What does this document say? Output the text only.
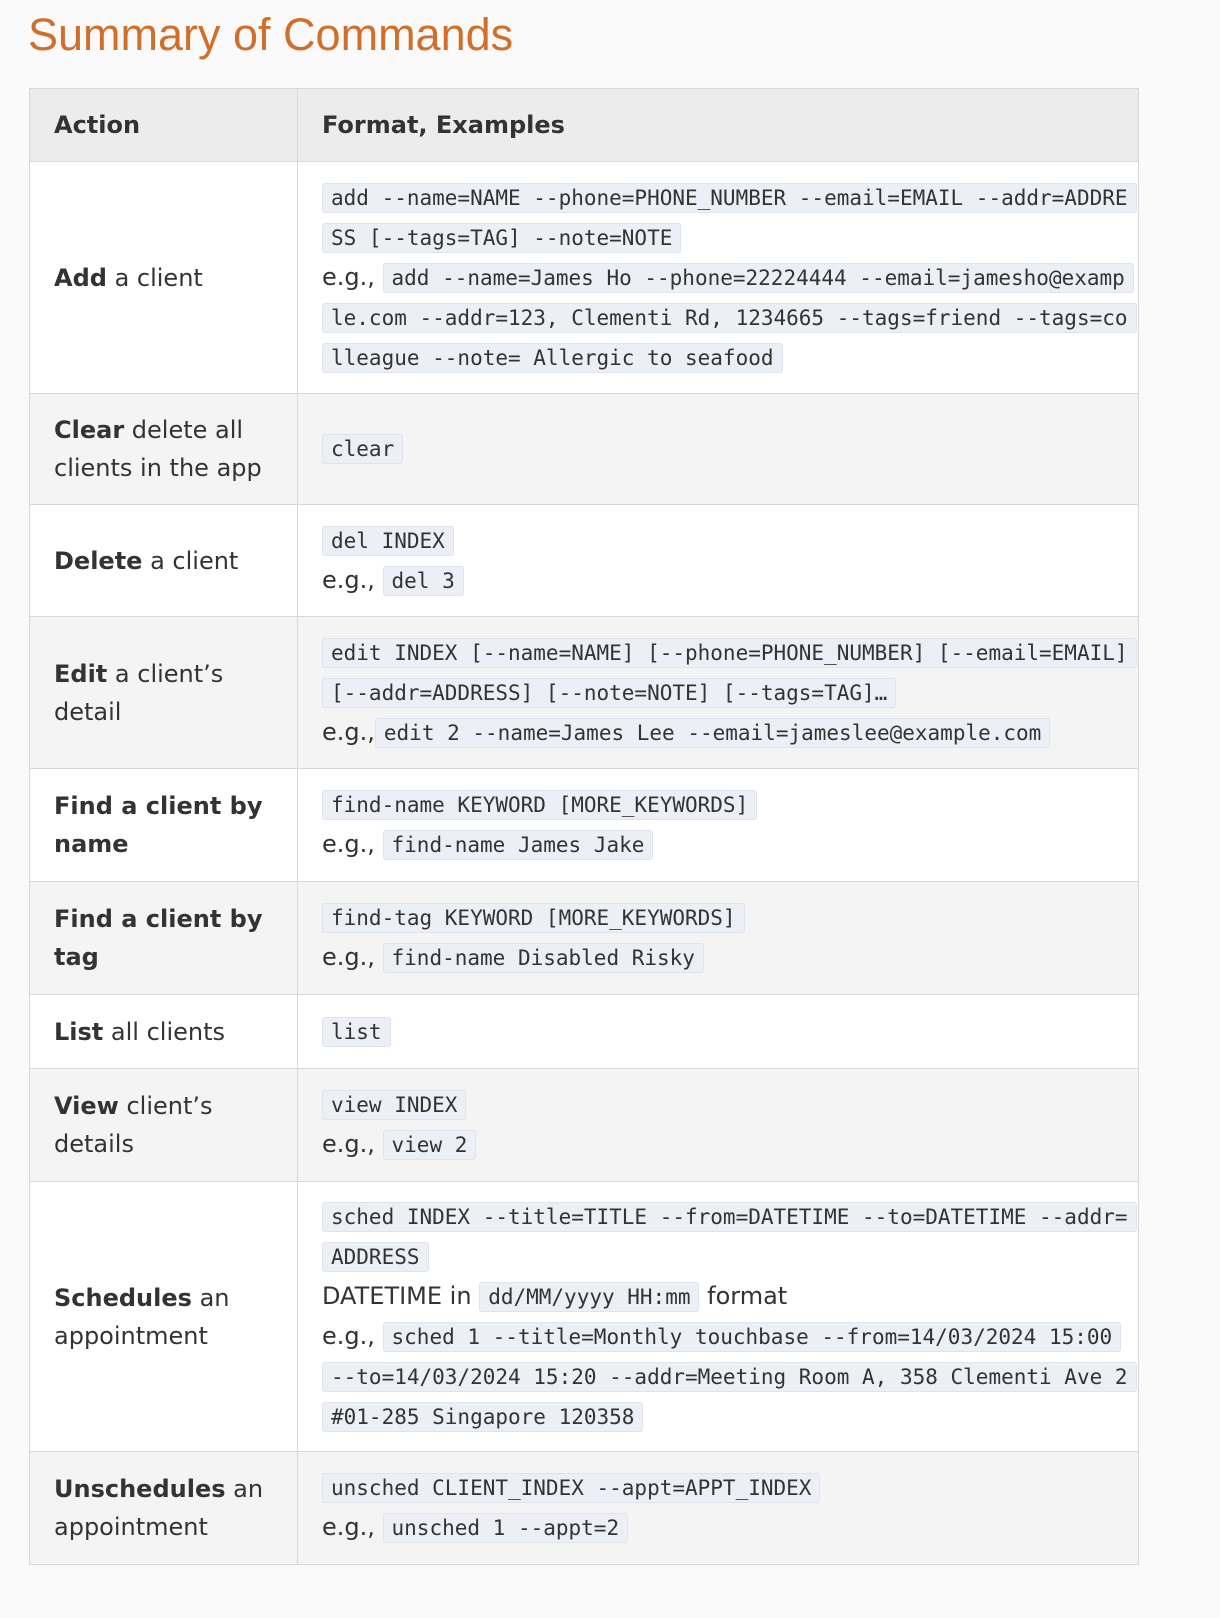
Summary of Commands
Action	Format, Examples
Add a client	add --name=NAME --phone=PHONE_NUMBER --email=EMAIL --addr=ADDRESS [--tags=TAG] --note=NOTE
e.g., add --name=James Ho --phone=22224444 --email=jamesho@example.com --addr=123, Clementi Rd, 1234665 --tags=friend --tags=colleague --note= Allergic to seafood

Clear delete all clients in the app	clear

Delete a client	del INDEX
e.g., del 3

Edit a client’s detail	edit INDEX [--name=NAME] [--phone=PHONE_NUMBER] [--email=EMAIL] [--addr=ADDRESS] [--note=NOTE] [--tags=TAG]…
e.g., edit 2 --name=James Lee --email=jameslee@example.com

Find a client by name	find-name KEYWORD [MORE_KEYWORDS]
e.g., find-name James Jake

Find a client by tag	find-tag KEYWORD [MORE_KEYWORDS]
e.g., find-name Disabled Risky

List all clients	list

View client’s details	view INDEX
e.g., view 2

Schedules an appointment	sched INDEX --title=TITLE --from=DATETIME --to=DATETIME --addr=ADDRESS
DATETIME in dd/MM/yyyy HH:mm format
e.g., sched 1 --title=Monthly touchbase --from=14/03/2024 15:00 --to=14/03/2024 15:20 --addr=Meeting Room A, 358 Clementi Ave 2 #01-285 Singapore 120358

Unschedules an appointment	unsched CLIENT_INDEX --appt=APPT_INDEX
e.g., unsched 1 --appt=2
